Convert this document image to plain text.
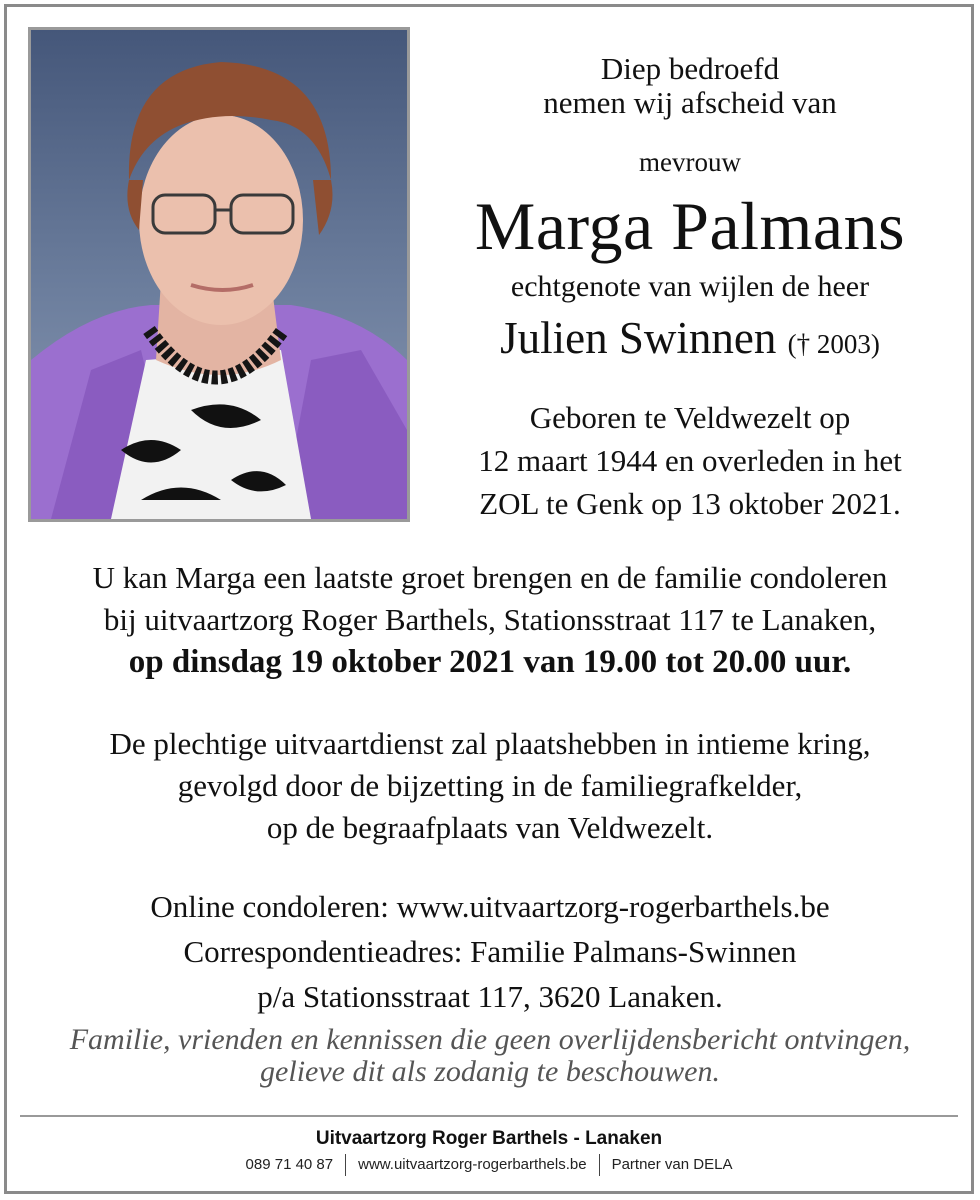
Diep bedroefd
nemen wij afscheid van
mevrouw
Marga Palmans
echtgenote van wijlen de heer
Julien Swinnen († 2003)
Geboren te Veldwezelt op
12 maart 1944 en overleden in het
ZOL te Genk op 13 oktober 2021.
U kan Marga een laatste groet brengen en de familie condoleren
bij uitvaartzorg Roger Barthels, Stationsstraat 117 te Lanaken,
op dinsdag 19 oktober 2021 van 19.00 tot 20.00 uur.
De plechtige uitvaartdienst zal plaatshebben in intieme kring,
gevolgd door de bijzetting in de familiegrafkelder,
op de begraafplaats van Veldwezelt.
Online condoleren: www.uitvaartzorg-rogerbarthels.be
Correspondentieadres: Familie Palmans-Swinnen
p/a Stationsstraat 117, 3620 Lanaken.
Familie, vrienden en kennissen die geen overlijdensbericht ontvingen,
gelieve dit als zodanig te beschouwen.
Uitvaartzorg Roger Barthels - Lanaken
089 71 40 87 www.uitvaartzorg-rogerbarthels.be Partner van DELA
